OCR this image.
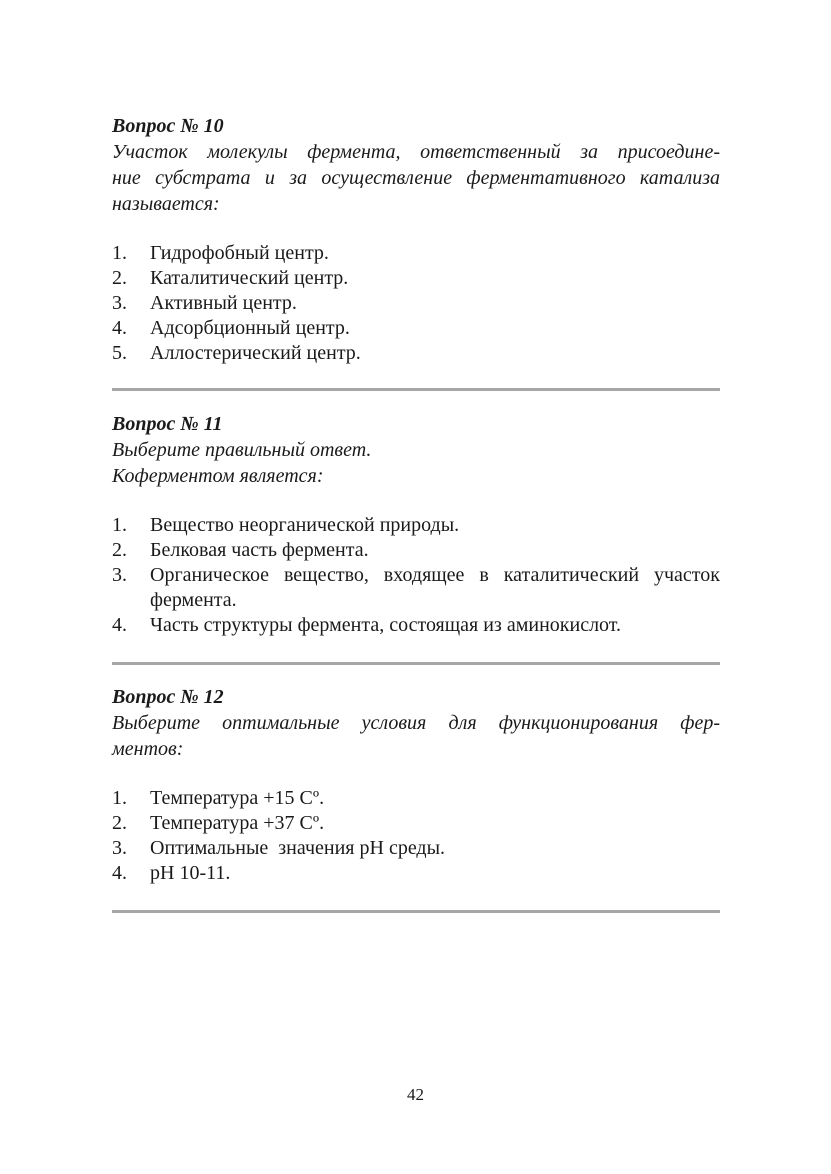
Вопрос № 10

Участок молекулы фермента, ответственный за присоедине-
ние субстрата и за осуществление ферментативного катализа
называется:

1.	Гидрофобный центр.
2.	Каталитический центр.
3.	Активный центр.
4.	Адсорбционный центр.
5.	Аллостерический центр.

Вопрос № 11

Выберите правильный ответ.
Коферментом является:

1.	Вещество неорганической природы.
2.	Белковая часть фермента.
3.	Органическое вещество, входящее в каталитический участок фермента.
4.	Часть структуры фермента, состоящая из аминокислот.

Вопрос № 12

Выберите оптимальные условия для функционирования фер-
ментов:

1.	Температура +15 Cº.
2.	Температура +37 Cº.
3.	Оптимальные  значения pH среды.
4.	pH 10-11.
42
